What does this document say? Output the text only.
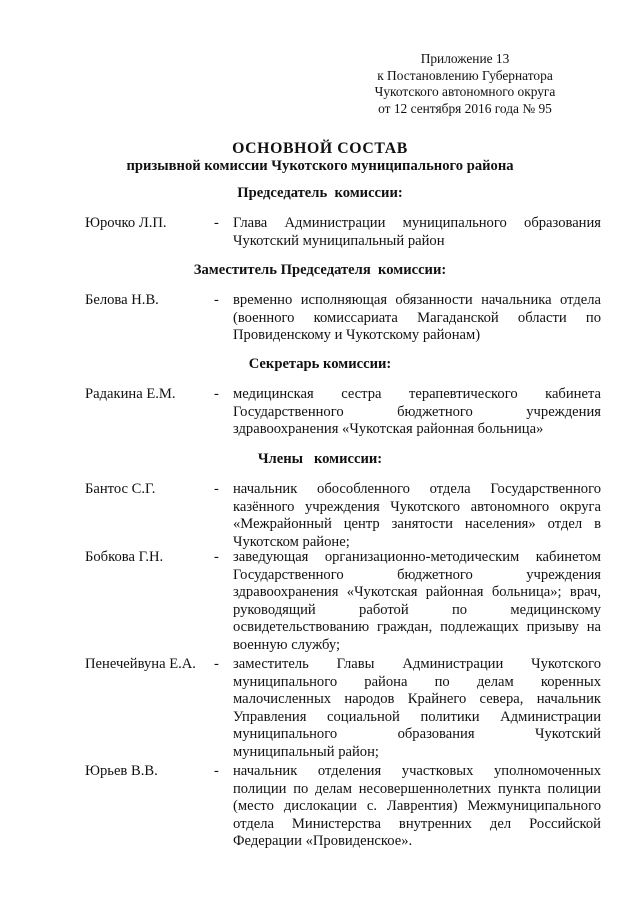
Приложение 13
к Постановлению Губернатора
Чукотского автономного округа
от 12 сентября 2016 года № 95
ОСНОВНОЙ СОСТАВ
призывной комиссии Чукотского муниципального района
Председатель  комиссии:
Юрочко Л.П.	- Глава Администрации муниципального образования
Чукотский муниципальный район
Заместитель Председателя  комиссии:
Белова Н.В.	- временно исполняющая обязанности начальника отдела
(военного комиссариата Магаданской области по
Провиденскому и Чукотскому районам)
Секретарь комиссии:
Радакина Е.М.	- медицинская сестра терапевтического кабинета
Государственного бюджетного учреждения
здравоохранения «Чукотская районная больница»
Члены   комиссии:
Бантос С.Г.	- начальник обособленного отдела Государственного
казённого учреждения Чукотского автономного округа
«Межрайонный центр занятости населения» отдел в
Чукотском районе;
Бобкова Г.Н.	- заведующая организационно-методическим кабинетом
Государственного бюджетного учреждения
здравоохранения «Чукотская районная больница»; врач,
руководящий работой по медицинскому
освидетельствованию граждан, подлежащих призыву на
военную службу;
Пенечейвуна Е.А. - заместитель Главы Администрации Чукотского
муниципального района по делам коренных
малочисленных народов Крайнего севера, начальник
Управления социальной политики Администрации
муниципального образования Чукотский
муниципальный район;
Юрьев В.В.	- начальник отделения участковых уполномоченных
полиции по делам несовершеннолетних пункта полиции
(место дислокации с. Лаврентия) Межмуниципального
отдела Министерства внутренних дел Российской
Федерации «Провиденское».
